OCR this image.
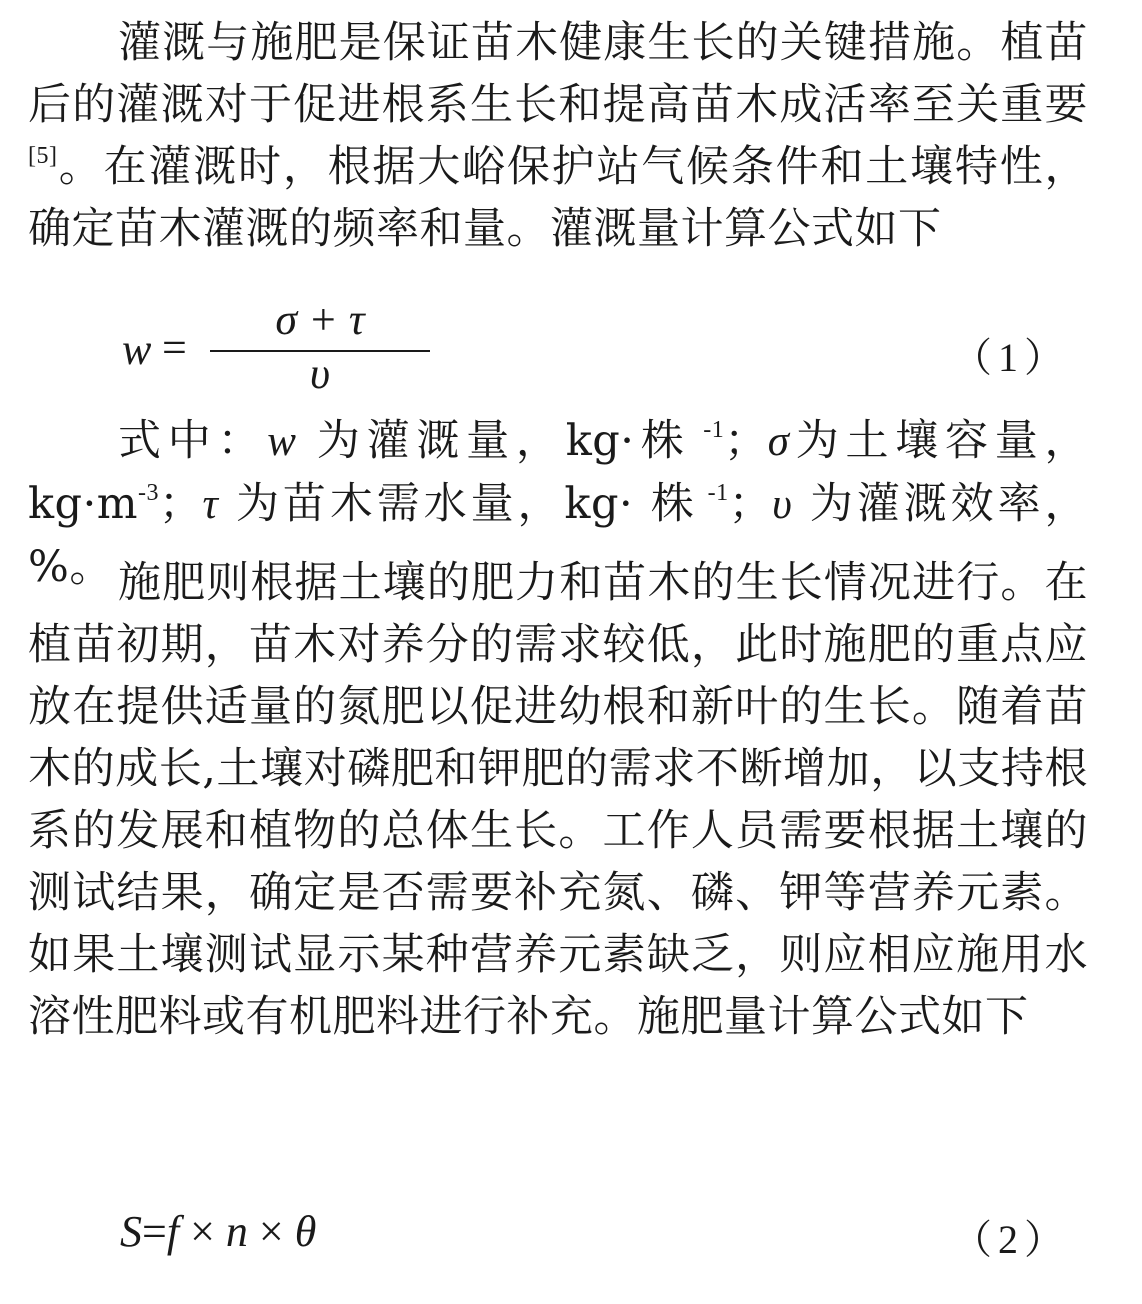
灌溉与施肥是保证苗木健康生长的关键措施。植苗后的灌溉对于促进根系生长和提高苗木成活率至关重要[5]。在灌溉时，根据大峪保护站气候条件和土壤特性，确定苗木灌溉的频率和量。灌溉量计算公式如下

w =
σ + τ
υ	（1）

式中：w 为灌溉量，kg·株 $^{-1}$；σ为土壤容量，$kg\cdot m^{-3}$；τ 为苗木需水量，kg· 株 $^{-1}$；υ 为灌溉效率，%。 施肥则根据土壤的肥力和苗木的生长情况进行。在植苗初期，苗木对养分的需求较低，此时施肥的重点应放在提供适量的氮肥以促进幼根和新叶的生长。随着苗木的成长,土壤对磷肥和钾肥的需求不断增加，以支持根系的发展和植物的总体生长。工作人员需要根据土壤的测试结果，确定是否需要补充氮、磷、钾等营养元素。如果土壤测试显示某种营养元素缺乏，则应相应施用水溶性肥料或有机肥料进行补充。施肥量计算公式如下

S=f × n × θ	（2）
